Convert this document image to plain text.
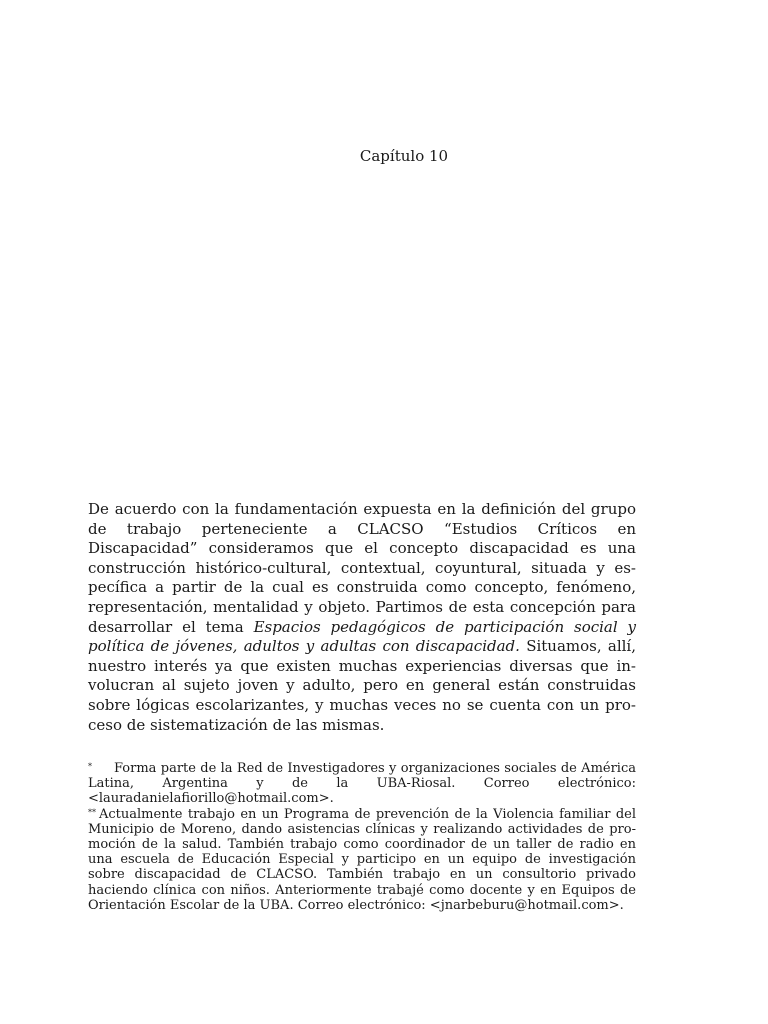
Capítulo 10

De acuerdo con la fundamentación expuesta en la definición del grupo de trabajo perteneciente a CLACSO “Estudios Críticos en Discapacidad” consideramos que el concepto discapacidad es una construcción histórico-cultural, contextual, coyuntural, situada y específica a partir de la cual es construida como concepto, fenómeno, representación, mentalidad y objeto. Partimos de esta concepción para desarrollar el tema Espacios pedagógicos de participación social y política de jóvenes, adultos y adultas con discapacidad. Situamos, allí, nuestro interés ya que existen muchas experiencias diversas que involucran al sujeto joven y adulto, pero en general están construidas sobre lógicas escolarizantes, y muchas veces no se cuenta con un proceso de sistematización de las mismas.

* Forma parte de la Red de Investigadores y organizaciones sociales de América Latina, Argentina y de la UBA-Riosal. Correo electrónico: <lauradanielafiorillo@hotmail.com>.

** Actualmente trabajo en un Programa de prevención de la Violencia familiar del Municipio de Moreno, dando asistencias clínicas y realizando actividades de promoción de la salud. También trabajo como coordinador de un taller de radio en una escuela de Educación Especial y participo en un equipo de investigación sobre discapacidad de CLACSO. También trabajo en un consultorio privado haciendo clínica con niños. Anteriormente trabajé como docente y en Equipos de Orientación Escolar de la UBA. Correo electrónico: <jnarbeburu@hotmail.com>.
